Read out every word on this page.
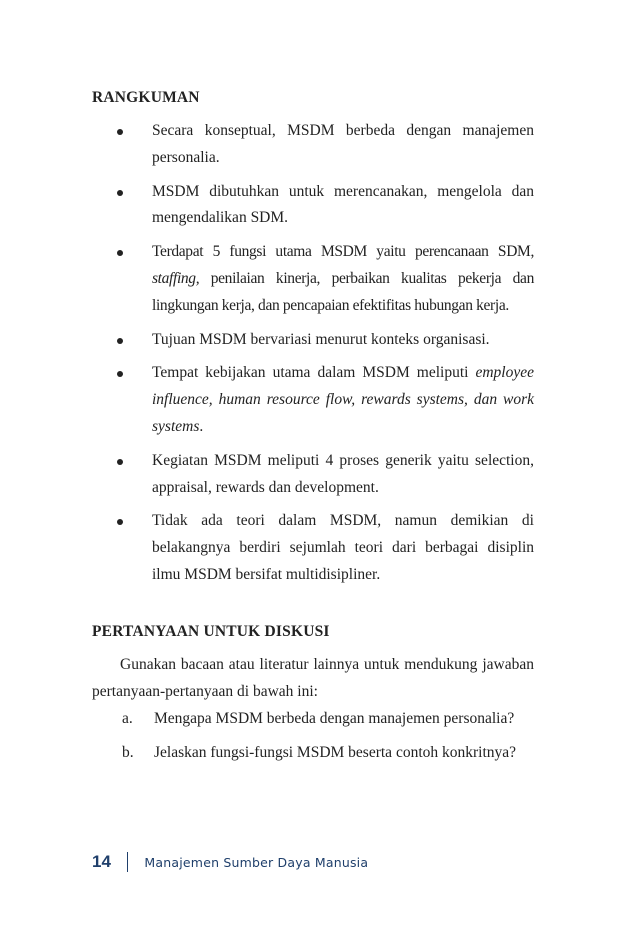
RANGKUMAN
Secara konseptual, MSDM berbeda dengan manajemen personalia.
MSDM dibutuhkan untuk merencanakan, mengelola dan mengendalikan SDM.
Terdapat 5 fungsi utama MSDM yaitu perencanaan SDM, staffing, penilaian kinerja, perbaikan kualitas pekerja dan lingkungan kerja, dan pencapaian efektifitas hubungan kerja.
Tujuan MSDM bervariasi menurut konteks organisasi.
Tempat kebijakan utama dalam MSDM meliputi employee influence, human resource flow, rewards systems, dan work systems.
Kegiatan MSDM meliputi 4 proses generik yaitu selection, appraisal, rewards dan development.
Tidak ada teori dalam MSDM, namun demikian di belakangnya berdiri sejumlah teori dari berbagai disiplin ilmu MSDM bersifat multidisipliner.
PERTANYAAN UNTUK DISKUSI

Gunakan bacaan atau literatur lainnya untuk mendukung jawaban pertanyaan-pertanyaan di bawah ini:

a. Mengapa MSDM berbeda dengan manajemen personalia?
b. Jelaskan fungsi-fungsi MSDM beserta contoh konkritnya?
14	Manajemen Sumber Daya Manusia
